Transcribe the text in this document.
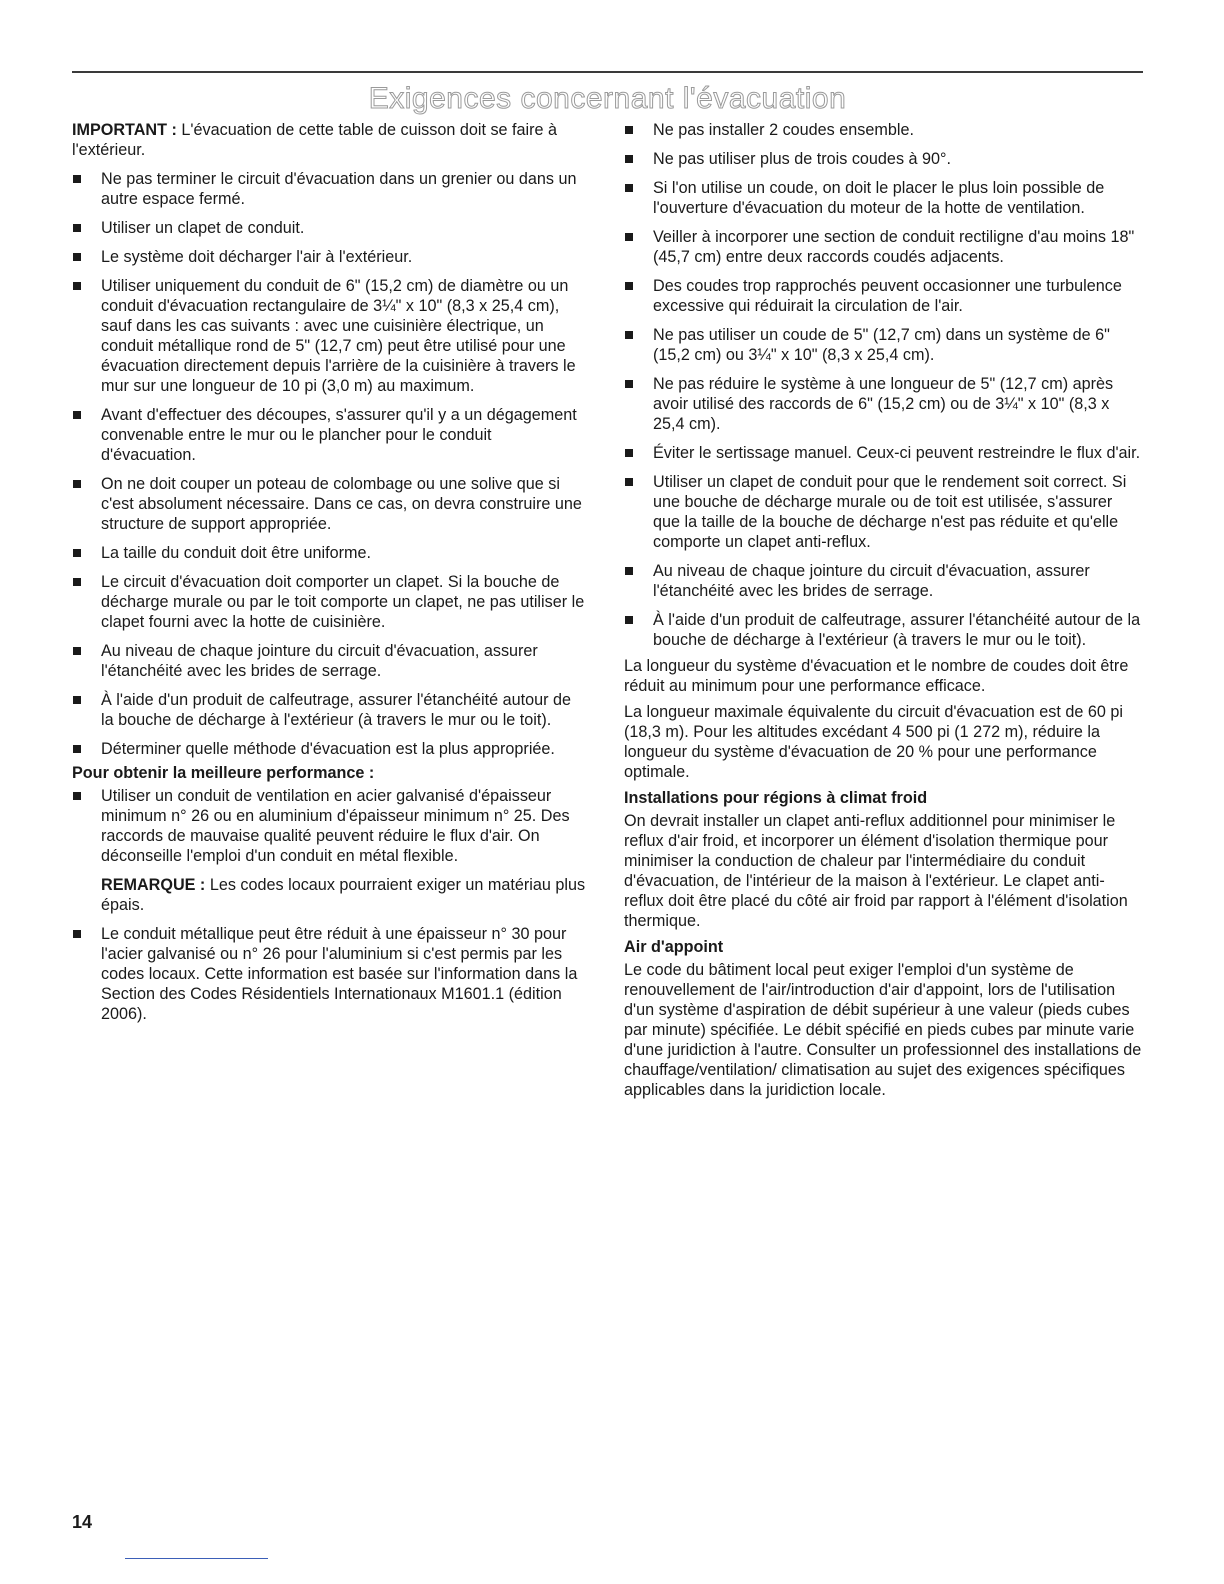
Exigences concernant l'évacuation

IMPORTANT : L'évacuation de cette table de cuisson doit se faire à l'extérieur.

Ne pas terminer le circuit d'évacuation dans un grenier ou dans un autre espace fermé.
Utiliser un clapet de conduit.
Le système doit décharger l'air à l'extérieur.
Utiliser uniquement du conduit de 6" (15,2 cm) de diamètre ou un conduit d'évacuation rectangulaire de 3¼" x 10" (8,3 x 25,4 cm), sauf dans les cas suivants : avec une cuisinière électrique, un conduit métallique rond de 5" (12,7 cm) peut être utilisé pour une évacuation directement depuis l'arrière de la cuisinière à travers le mur sur une longueur de 10 pi (3,0 m) au maximum.
Avant d'effectuer des découpes, s'assurer qu'il y a un dégagement convenable entre le mur ou le plancher pour le conduit d'évacuation.
On ne doit couper un poteau de colombage ou une solive que si c'est absolument nécessaire. Dans ce cas, on devra construire une structure de support appropriée.
La taille du conduit doit être uniforme.
Le circuit d'évacuation doit comporter un clapet. Si la bouche de décharge murale ou par le toit comporte un clapet, ne pas utiliser le clapet fourni avec la hotte de cuisinière.
Au niveau de chaque jointure du circuit d'évacuation, assurer l'étanchéité avec les brides de serrage.
À l'aide d'un produit de calfeutrage, assurer l'étanchéité autour de la bouche de décharge à l'extérieur (à travers le mur ou le toit).
Déterminer quelle méthode d'évacuation est la plus appropriée.
Pour obtenir la meilleure performance :
Utiliser un conduit de ventilation en acier galvanisé d'épaisseur minimum n° 26 ou en aluminium d'épaisseur minimum n° 25. Des raccords de mauvaise qualité peuvent réduire le flux d'air. On déconseille l'emploi d'un conduit en métal flexible.

REMARQUE : Les codes locaux pourraient exiger un matériau plus épais.

Le conduit métallique peut être réduit à une épaisseur n° 30 pour l'acier galvanisé ou n° 26 pour l'aluminium si c'est permis par les codes locaux. Cette information est basée sur l'information dans la Section des Codes Résidentiels Internationaux M1601.1 (édition 2006).
Ne pas installer 2 coudes ensemble.
Ne pas utiliser plus de trois coudes à 90°.
Si l'on utilise un coude, on doit le placer le plus loin possible de l'ouverture d'évacuation du moteur de la hotte de ventilation.
Veiller à incorporer une section de conduit rectiligne d'au moins 18" (45,7 cm) entre deux raccords coudés adjacents.
Des coudes trop rapprochés peuvent occasionner une turbulence excessive qui réduirait la circulation de l'air.
Ne pas utiliser un coude de 5" (12,7 cm) dans un système de 6" (15,2 cm) ou 3¼" x 10" (8,3 x 25,4 cm).
Ne pas réduire le système à une longueur de 5" (12,7 cm) après avoir utilisé des raccords de 6" (15,2 cm) ou de 3¼" x 10" (8,3 x 25,4 cm).
Éviter le sertissage manuel. Ceux-ci peuvent restreindre le flux d'air.
Utiliser un clapet de conduit pour que le rendement soit correct. Si une bouche de décharge murale ou de toit est utilisée, s'assurer que la taille de la bouche de décharge n'est pas réduite et qu'elle comporte un clapet anti-reflux.
Au niveau de chaque jointure du circuit d'évacuation, assurer l'étanchéité avec les brides de serrage.
À l'aide d'un produit de calfeutrage, assurer l'étanchéité autour de la bouche de décharge à l'extérieur (à travers le mur ou le toit).

La longueur du système d'évacuation et le nombre de coudes doit être réduit au minimum pour une performance efficace.

La longueur maximale équivalente du circuit d'évacuation est de 60 pi (18,3 m). Pour les altitudes excédant 4 500 pi (1 272 m), réduire la longueur du système d'évacuation de 20 % pour une performance optimale.

Installations pour régions à climat froid

On devrait installer un clapet anti-reflux additionnel pour minimiser le reflux d'air froid, et incorporer un élément d'isolation thermique pour minimiser la conduction de chaleur par l'intermédiaire du conduit d'évacuation, de l'intérieur de la maison à l'extérieur. Le clapet anti-reflux doit être placé du côté air froid par rapport à l'élément d'isolation thermique.

Air d'appoint

Le code du bâtiment local peut exiger l'emploi d'un système de renouvellement de l'air/introduction d'air d'appoint, lors de l'utilisation d'un système d'aspiration de débit supérieur à une valeur (pieds cubes par minute) spécifiée. Le débit spécifié en pieds cubes par minute varie d'une juridiction à l'autre. Consulter un professionnel des installations de chauffage/ventilation/ climatisation au sujet des exigences spécifiques applicables dans la juridiction locale.

14
